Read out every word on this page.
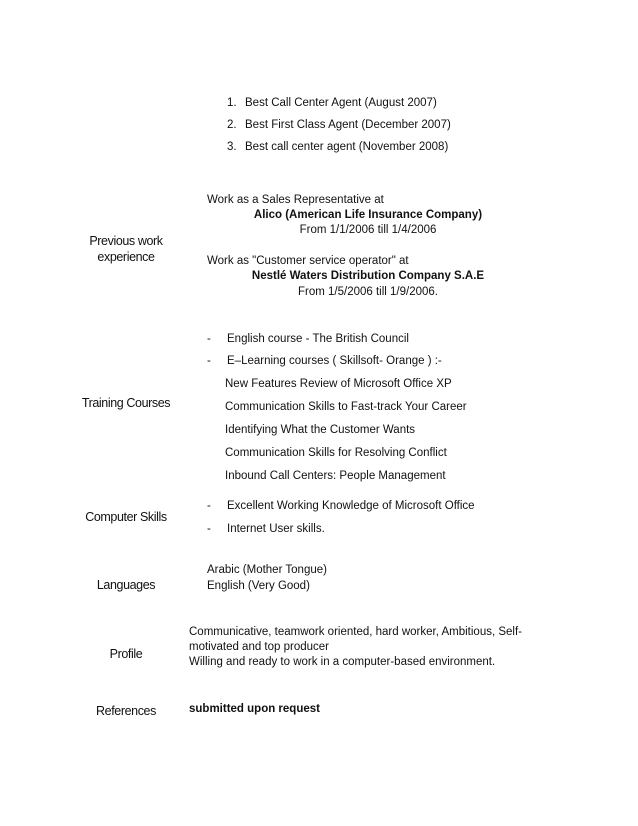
1. Best Call Center Agent (August 2007)
2. Best First Class Agent (December 2007)
3. Best call center agent (November 2008)
Previous work
experience
Work as a Sales Representative at
Alico (American Life Insurance Company)
From 1/1/2006 till 1/4/2006
Work as "Customer service operator" at
Nestlé Waters Distribution Company S.A.E
From 1/5/2006 till 1/9/2006.
Training Courses
- English course - The British Council
- E–Learning courses ( Skillsoft- Orange ) :-
New Features Review of Microsoft Office XP
Communication Skills to Fast-track Your Career
Identifying What the Customer Wants
Communication Skills for Resolving Conflict
Inbound Call Centers: People Management
Computer Skills
- Excellent Working Knowledge of Microsoft Office
- Internet User skills.
Languages
Arabic (Mother Tongue)
English (Very Good)
Profile
Communicative, teamwork oriented, hard worker, Ambitious, Self-
motivated and top producer
Willing and ready to work in a computer-based environment.
References	submitted upon request
